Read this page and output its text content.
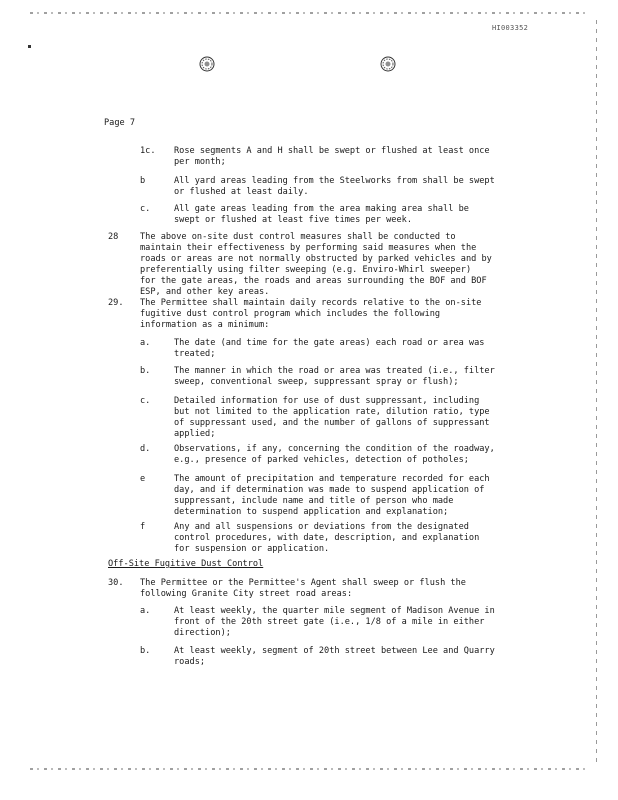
HI003352
Page 7
1c. Rose segments A and H shall be swept or flushed at least once
per month;
b	All yard areas leading from the Steelworks from shall be swept
or flushed at least daily.
c.	All gate areas leading from the area making area shall be
swept or flushed at least five times per week.
28	The above on-site dust control measures shall be conducted to
maintain their effectiveness by performing said measures when the
roads or areas are not normally obstructed by parked vehicles and by
preferentially using filter sweeping (e.g. Enviro-Whirl sweeper)
for the gate areas, the roads and areas surrounding the BOF and BOF
ESP, and other key areas.
29. The Permittee shall maintain daily records relative to the on-site
fugitive dust control program which includes the following
information as a minimum:
a.	The date (and time for the gate areas) each road or area was
treated;
b.	The manner in which the road or area was treated (i.e., filter
sweep, conventional sweep, suppressant spray or flush);
c.	Detailed information for use of dust suppressant, including
but not limited to the application rate, dilution ratio, type
of suppressant used, and the number of gallons of suppressant
applied;
d.	Observations, if any, concerning the condition of the roadway,
e.g., presence of parked vehicles, detection of potholes;
e	The amount of precipitation and temperature recorded for each
day, and if determination was made to suspend application of
suppressant, include name and title of person who made
determination to suspend application and explanation;
f	Any and all suspensions or deviations from the designated
control procedures, with date, description, and explanation
for suspension or application.
Off-Site Fugitive Dust Control
30. The Permittee or the Permittee's Agent shall sweep or flush the
following Granite City street road areas:
a.	At least weekly, the quarter mile segment of Madison Avenue in
front of the 20th street gate (i.e., 1/8 of a mile in either
direction);
b.	At least weekly, segment of 20th street between Lee and Quarry
roads;
